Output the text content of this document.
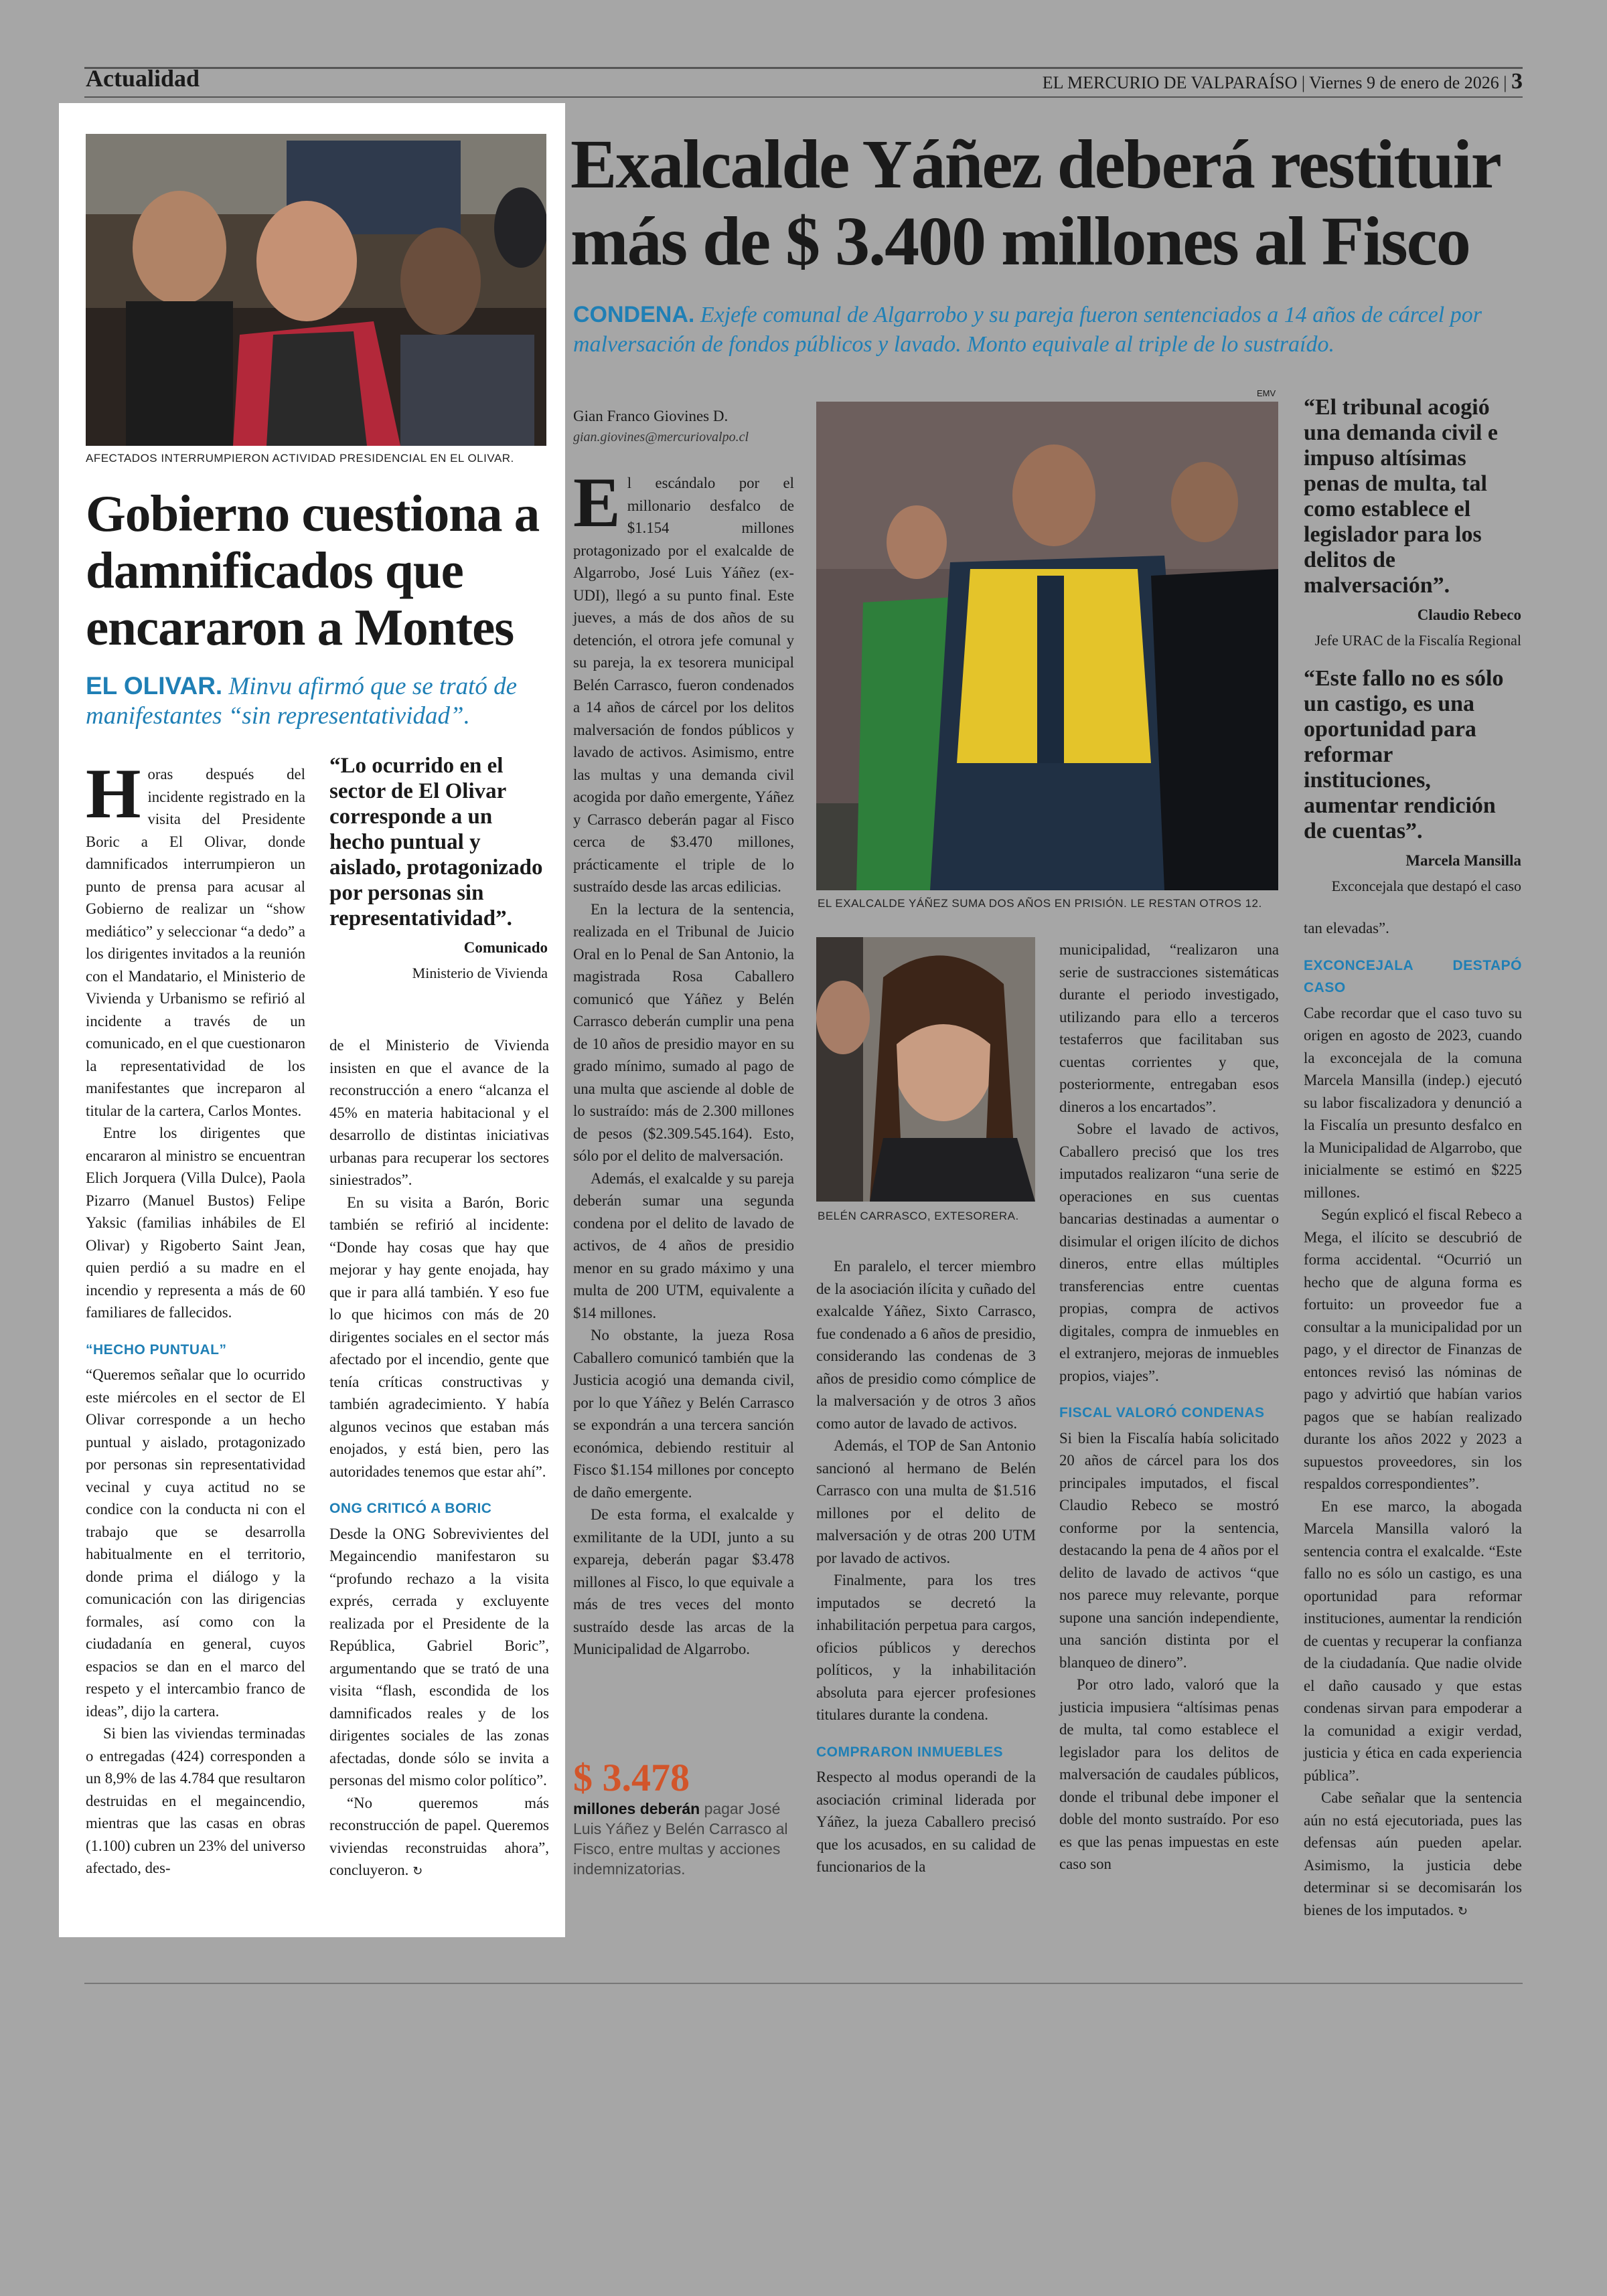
Actualidad	EL MERCURIO DE VALPARAÍSO | Viernes 9 de enero de 2026 | 3
AFECTADOS INTERRUMPIERON ACTIVIDAD PRESIDENCIAL EN EL OLIVAR.
Gobierno cuestiona a damnificados que encararon a Montes
EL OLIVAR. Minvu afirmó que se trató de manifestantes “sin representatividad”.

Horas después del incidente registrado en la visita del Presidente Boric a El Olivar, donde damnificados interrumpieron un punto de prensa para acusar al Gobierno de realizar un “show mediático” y seleccionar “a dedo” a los dirigentes invitados a la reunión con el Mandatario, el Ministerio de Vivienda y Urbanismo se refirió al incidente a través de un comunicado, en el que cuestionaron la representatividad de los manifestantes que increparon al titular de la cartera, Carlos Montes.

Entre los dirigentes que encararon al ministro se encuentran Elich Jorquera (Villa Dulce), Paola Pizarro (Manuel Bustos) Felipe Yaksic (familias inhábiles de El Olivar) y Rigoberto Saint Jean, quien perdió a su madre en el incendio y representa a más de 60 familiares de fallecidos.

“HECHO PUNTUAL”

“Queremos señalar que lo ocurrido este miércoles en el sector de El Olivar corresponde a un hecho puntual y aislado, protagonizado por personas sin representatividad vecinal y cuya actitud no se condice con la conducta ni con el trabajo que se desarrolla habitualmente en el territorio, donde prima el diálogo y la comunicación con las dirigencias formales, así como con la ciudadanía en general, cuyos espacios se dan en el marco del respeto y el intercambio franco de ideas”, dijo la cartera.

Si bien las viviendas terminadas o entregadas (424) corresponden a un 8,9% de las 4.784 que resultaron destruidas en el megaincendio, mientras que las casas en obras (1.100) cubren un 23% del universo afectado, des-

“Lo ocurrido en el sector de El Olivar corresponde a un hecho puntual y aislado, protagonizado por personas sin representatividad”.
Comunicado
Ministerio de Vivienda

de el Ministerio de Vivienda insisten en que el avance de la reconstrucción a enero “alcanza el 45% en materia habitacional y el desarrollo de distintas iniciativas urbanas para recuperar los sectores siniestrados”.

En su visita a Barón, Boric también se refirió al incidente: “Donde hay cosas que hay que mejorar y hay gente enojada, hay que ir para allá también. Y eso fue lo que hicimos con más de 20 dirigentes sociales en el sector más afectado por el incendio, gente que tenía críticas constructivas y también agradecimiento. Y había algunos vecinos que estaban más enojados, y está bien, pero las autoridades tenemos que estar ahí”.

ONG CRITICÓ A BORIC

Desde la ONG Sobrevivientes del Megaincendio manifestaron su “profundo rechazo a la visita exprés, cerrada y excluyente realizada por el Presidente de la República, Gabriel Boric”, argumentando que se trató de una visita “flash, escondida de los damnificados reales y de los dirigentes sociales de las zonas afectadas, donde sólo se invita a personas del mismo color político”.

“No queremos más reconstrucción de papel. Queremos viviendas reconstruidas ahora”, concluyeron. ↻

Exalcalde Yáñez deberá restituir más de $ 3.400 millones al Fisco
CONDENA. Exjefe comunal de Algarrobo y su pareja fueron sentenciados a 14 años de cárcel por malversación de fondos públicos y lavado. Monto equivale al triple de lo sustraído.
Gian Franco Giovines D.
gian.giovines@mercuriovalpo.cl
EMV
EL EXALCALDE YÁÑEZ SUMA DOS AÑOS EN PRISIÓN. LE RESTAN OTROS 12.
BELÉN CARRASCO, EXTESORERA.

El escándalo por el millonario desfalco de $1.154 millones protagonizado por el exalcalde de Algarrobo, José Luis Yáñez (ex-UDI), llegó a su punto final. Este jueves, a más de dos años de su detención, el otrora jefe comunal y su pareja, la ex tesorera municipal Belén Carrasco, fueron condenados a 14 años de cárcel por los delitos malversación de fondos públicos y lavado de activos. Asimismo, entre las multas y una demanda civil acogida por daño emergente, Yáñez y Carrasco deberán pagar al Fisco cerca de $3.470 millones, prácticamente el triple de lo sustraído desde las arcas edilicias.

En la lectura de la sentencia, realizada en el Tribunal de Juicio Oral en lo Penal de San Antonio, la magistrada Rosa Caballero comunicó que Yáñez y Belén Carrasco deberán cumplir una pena de 10 años de presidio mayor en su grado mínimo, sumado al pago de una multa que asciende al doble de lo sustraído: más de 2.300 millones de pesos ($2.309.545.164). Esto, sólo por el delito de malversación.

Además, el exalcalde y su pareja deberán sumar una segunda condena por el delito de lavado de activos, de 4 años de presidio menor en su grado máximo y una multa de 200 UTM, equivalente a $14 millones.

No obstante, la jueza Rosa Caballero comunicó también que la Justicia acogió una demanda civil, por lo que Yáñez y Belén Carrasco se expondrán a una tercera sanción económica, debiendo restituir al Fisco $1.154 millones por concepto de daño emergente.

De esta forma, el exalcalde y exmilitante de la UDI, junto a su expareja, deberán pagar $3.478 millones al Fisco, lo que equivale a más de tres veces del monto sustraído desde las arcas de la Municipalidad de Algarrobo.

$ 3.478
millones deberán pagar José Luis Yáñez y Belén Carrasco al Fisco, entre multas y acciones indemnizatorias.

En paralelo, el tercer miembro de la asociación ilícita y cuñado del exalcalde Yáñez, Sixto Carrasco, fue condenado a 6 años de presidio, considerando las condenas de 3 años de presidio como cómplice de la malversación y de otros 3 años como autor de lavado de activos.

Además, el TOP de San Antonio sancionó al hermano de Belén Carrasco con una multa de $1.516 millones por el delito de malversación y de otras 200 UTM por lavado de activos.

Finalmente, para los tres imputados se decretó la inhabilitación perpetua para cargos, oficios públicos y derechos políticos, y la inhabilitación absoluta para ejercer profesiones titulares durante la condena.

COMPRARON INMUEBLES

Respecto al modus operandi de la asociación criminal liderada por Yáñez, la jueza Caballero precisó que los acusados, en su calidad de funcionarios de la

municipalidad, “realizaron una serie de sustracciones sistemáticas durante el periodo investigado, utilizando para ello a terceros testaferros que facilitaban sus cuentas corrientes y que, posteriormente, entregaban esos dineros a los encartados”.

Sobre el lavado de activos, Caballero precisó que los tres imputados realizaron “una serie de operaciones en sus cuentas bancarias destinadas a aumentar o disimular el origen ilícito de dichos dineros, entre ellas múltiples transferencias entre cuentas propias, compra de activos digitales, compra de inmuebles en el extranjero, mejoras de inmuebles propios, viajes”.

FISCAL VALORÓ CONDENAS

Si bien la Fiscalía había solicitado 20 años de cárcel para los dos principales imputados, el fiscal Claudio Rebeco se mostró conforme por la sentencia, destacando la pena de 4 años por el delito de lavado de activos “que nos parece muy relevante, porque supone una sanción independiente, una sanción distinta por el blanqueo de dinero”.

Por otro lado, valoró que la justicia impusiera “altísimas penas de multa, tal como establece el legislador para los delitos de malversación de caudales públicos, donde el tribunal debe imponer el doble del monto sustraído. Por eso es que las penas impuestas en este caso son

“El tribunal acogió una demanda civil e impuso altísimas penas de multa, tal como establece el legislador para los delitos de malversación”.
Claudio Rebeco
Jefe URAC de la Fiscalía Regional
“Este fallo no es sólo un castigo, es una oportunidad para reformar instituciones, aumentar rendición de cuentas”.
Marcela Mansilla
Exconcejala que destapó el caso

tan elevadas”.

EXCONCEJALA DESTAPÓ CASO

Cabe recordar que el caso tuvo su origen en agosto de 2023, cuando la exconcejala de la comuna Marcela Mansilla (indep.) ejecutó su labor fiscalizadora y denunció a la Fiscalía un presunto desfalco en la Municipalidad de Algarrobo, que inicialmente se estimó en $225 millones.

Según explicó el fiscal Rebeco a Mega, el ilícito se descubrió de forma accidental. “Ocurrió un hecho que de alguna forma es fortuito: un proveedor fue a consultar a la municipalidad por un pago, y el director de Finanzas de entonces revisó las nóminas de pago y advirtió que habían varios pagos que se habían realizado durante los años 2022 y 2023 a supuestos proveedores, sin los respaldos correspondientes”.

En ese marco, la abogada Marcela Mansilla valoró la sentencia contra el exalcalde. “Este fallo no es sólo un castigo, es una oportunidad para reformar instituciones, aumentar la rendición de cuentas y recuperar la confianza de la ciudadanía. Que nadie olvide el daño causado y que estas condenas sirvan para empoderar a la comunidad a exigir verdad, justicia y ética en cada experiencia pública”.

Cabe señalar que la sentencia aún no está ejecutoriada, pues las defensas aún pueden apelar. Asimismo, la justicia debe determinar si se decomisarán los bienes de los imputados. ↻
